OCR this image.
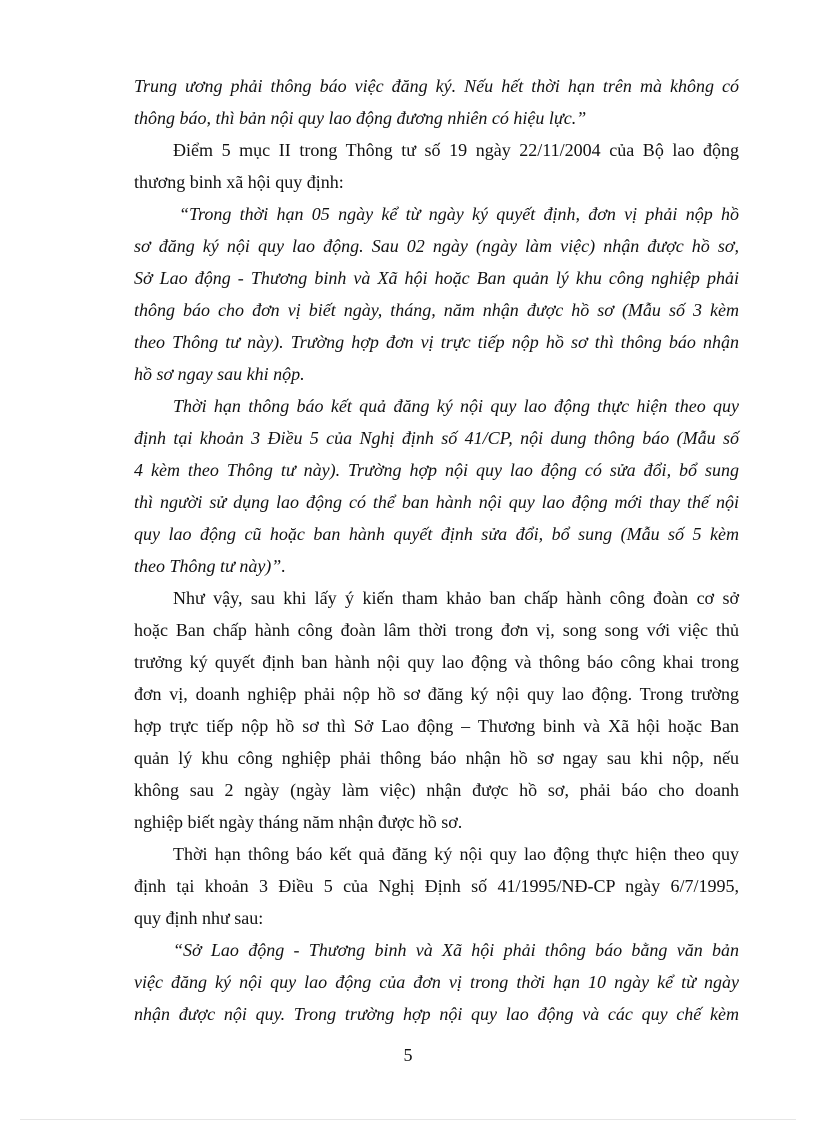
Trung ương phải thông báo việc đăng ký. Nếu hết thời hạn trên mà không có

thông báo, thì bản nội quy lao động đương nhiên có hiệu lực.”

Điểm 5 mục II trong Thông tư số 19 ngày 22/11/2004 của Bộ lao động

thương binh xã hội quy định:

“Trong thời hạn 05 ngày kể từ ngày ký quyết định, đơn vị phải nộp hồ

sơ đăng ký nội quy lao động. Sau 02 ngày (ngày làm việc) nhận được hồ sơ,

Sở Lao động - Thương binh và Xã hội hoặc Ban quản lý khu công nghiệp phải

thông báo cho đơn vị biết ngày, tháng, năm nhận được hồ sơ (Mẫu số 3 kèm

theo Thông tư này). Trường hợp đơn vị trực tiếp nộp hồ sơ thì thông báo nhận

hồ sơ ngay sau khi nộp.

Thời hạn thông báo kết quả đăng ký nội quy lao động thực hiện theo quy

định tại khoản 3 Điều 5 của Nghị định số 41/CP, nội dung thông báo (Mẫu số

4 kèm theo Thông tư này). Trường hợp nội quy lao động có sửa đổi, bổ sung

thì người sử dụng lao động có thể ban hành nội quy lao động mới thay thế nội

quy lao động cũ hoặc ban hành quyết định sửa đổi, bổ sung (Mẫu số 5 kèm

theo Thông tư này)”.

Như vậy, sau khi lấy ý kiến tham khảo ban chấp hành công đoàn cơ sở

hoặc Ban chấp hành công đoàn lâm thời trong đơn vị, song song với việc thủ

trưởng ký quyết định ban hành nội quy lao động và thông báo công khai trong

đơn vị, doanh nghiệp phải nộp hồ sơ đăng ký nội quy lao động. Trong trường

hợp trực tiếp nộp hồ sơ thì Sở Lao động – Thương binh và Xã hội hoặc Ban

quản lý khu công nghiệp phải thông báo nhận hồ sơ ngay sau khi nộp, nếu

không sau 2 ngày (ngày làm việc) nhận được hồ sơ, phải báo cho doanh

nghiệp biết ngày tháng năm nhận được hồ sơ.

Thời hạn thông báo kết quả đăng ký nội quy lao động thực hiện theo quy

định tại khoản 3 Điều 5 của Nghị Định số 41/1995/NĐ-CP ngày 6/7/1995,

quy định như sau:

“Sở Lao động - Thương binh và Xã hội phải thông báo bằng văn bản

việc đăng ký nội quy lao động của đơn vị trong thời hạn 10 ngày kể từ ngày

nhận được nội quy. Trong trường hợp nội quy lao động và các quy chế kèm

5
